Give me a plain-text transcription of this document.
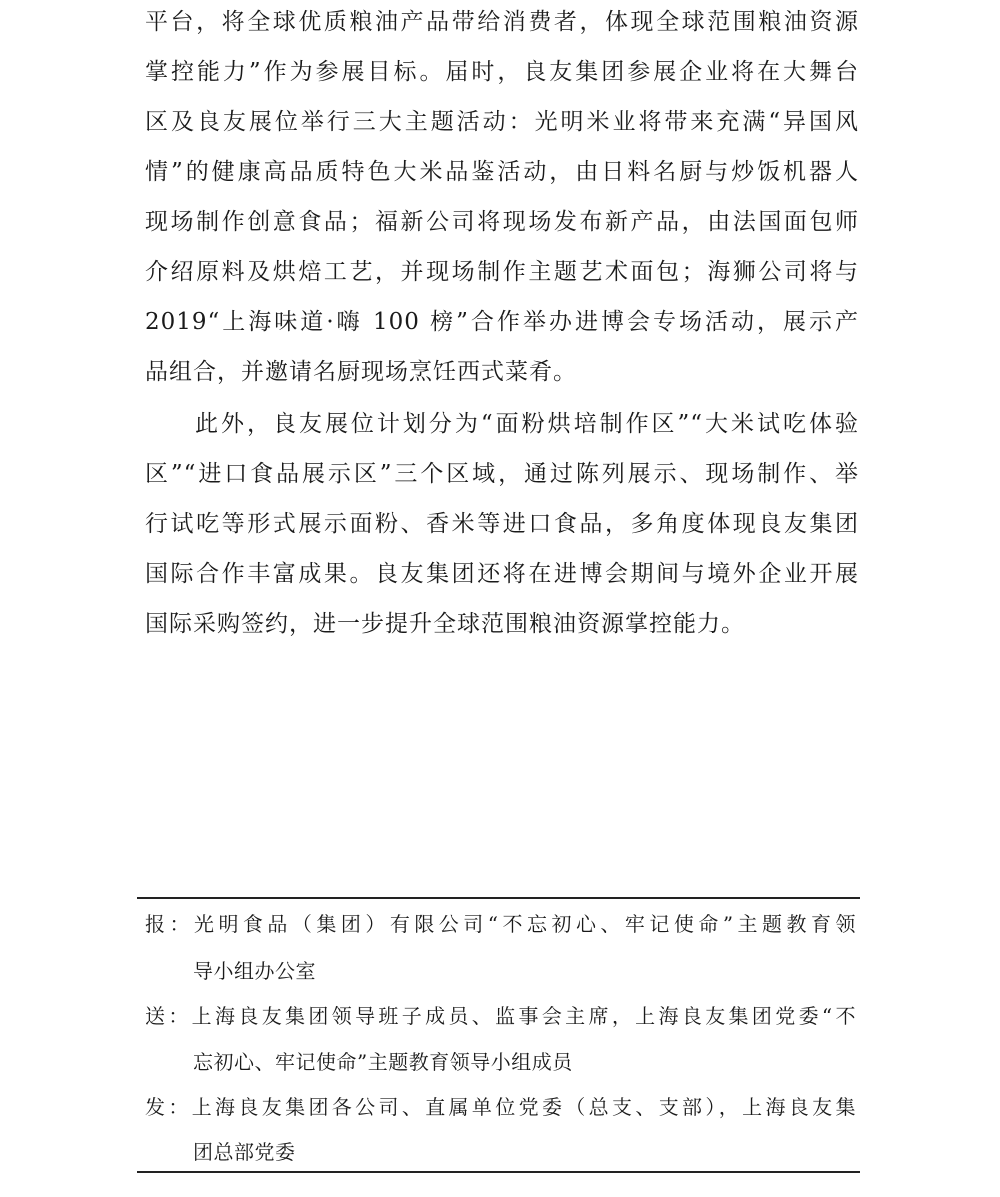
平台，将全球优质粮油产品带给消费者，体现全球范围粮油资源
掌控能力”作为参展目标。届时，良友集团参展企业将在大舞台
区及良友展位举行三大主题活动：光明米业将带来充满“异国风
情”的健康高品质特色大米品鉴活动，由日料名厨与炒饭机器人
现场制作创意食品；福新公司将现场发布新产品，由法国面包师
介绍原料及烘焙工艺，并现场制作主题艺术面包；海狮公司将与
2019“上海味道·嗨 100 榜”合作举办进博会专场活动，展示产
品组合，并邀请名厨现场烹饪西式菜肴。
此外，良友展位计划分为“面粉烘培制作区”“大米试吃体验
区”“进口食品展示区”三个区域，通过陈列展示、现场制作、举
行试吃等形式展示面粉、香米等进口食品，多角度体现良友集团
国际合作丰富成果。良友集团还将在进博会期间与境外企业开展
国际采购签约，进一步提升全球范围粮油资源掌控能力。
报：光明食品（集团）有限公司“不忘初心、牢记使命”主题教育领
导小组办公室
送：上海良友集团领导班子成员、监事会主席，上海良友集团党委“不
忘初心、牢记使命”主题教育领导小组成员
发：上海良友集团各公司、直属单位党委（总支、支部），上海良友集
团总部党委
